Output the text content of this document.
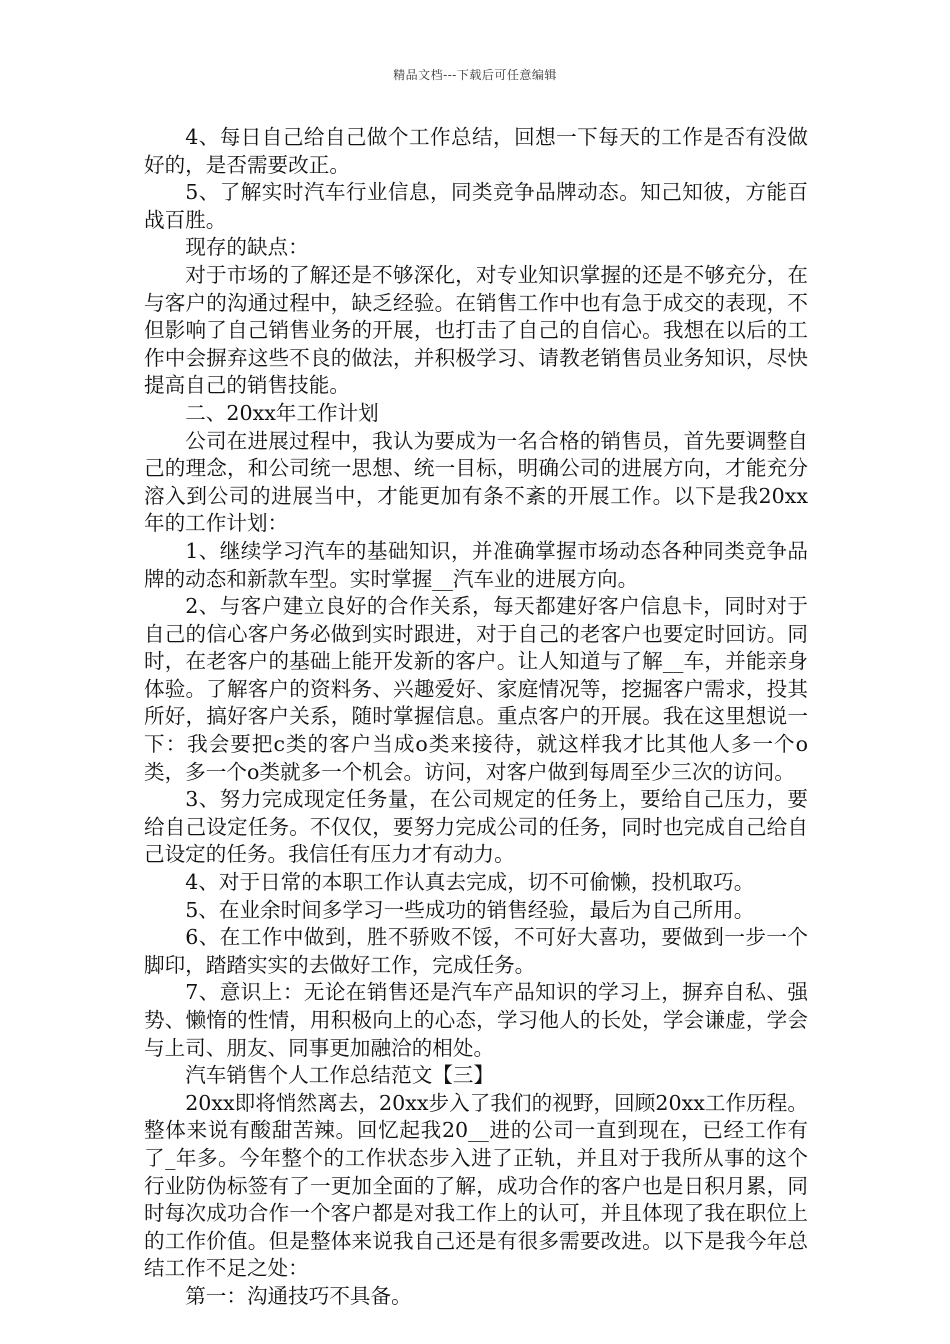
精品文档---下载后可任意编辑

4、每日自己给自己做个工作总结，回想一下每天的工作是否有没做好的，是否需要改正。

5、了解实时汽车行业信息，同类竞争品牌动态。知己知彼，方能百战百胜。

现存的缺点：

对于市场的了解还是不够深化，对专业知识掌握的还是不够充分，在与客户的沟通过程中，缺乏经验。在销售工作中也有急于成交的表现，不但影响了自己销售业务的开展，也打击了自己的自信心。我想在以后的工作中会摒弃这些不良的做法，并积极学习、请教老销售员业务知识，尽快提高自己的销售技能。

二、20xx年工作计划

公司在进展过程中，我认为要成为一名合格的销售员，首先要调整自己的理念，和公司统一思想、统一目标，明确公司的进展方向，才能充分溶入到公司的进展当中，才能更加有条不紊的开展工作。以下是我20xx年的工作计划：

1、继续学习汽车的基础知识，并准确掌握市场动态各种同类竞争品牌的动态和新款车型。实时掌握__汽车业的进展方向。

2、与客户建立良好的合作关系，每天都建好客户信息卡，同时对于自己的信心客户务必做到实时跟进，对于自己的老客户也要定时回访。同时，在老客户的基础上能开发新的客户。让人知道与了解__车，并能亲身体验。了解客户的资料务、兴趣爱好、家庭情况等，挖掘客户需求，投其所好，搞好客户关系，随时掌握信息。重点客户的开展。我在这里想说一下：我会要把c类的客户当成o类来接待，就这样我才比其他人多一个o类，多一个o类就多一个机会。访问，对客户做到每周至少三次的访问。

3、努力完成现定任务量，在公司规定的任务上，要给自己压力，要给自己设定任务。不仅仅，要努力完成公司的任务，同时也完成自己给自己设定的任务。我信任有压力才有动力。

4、对于日常的本职工作认真去完成，切不可偷懒，投机取巧。

5、在业余时间多学习一些成功的销售经验，最后为自己所用。

6、在工作中做到，胜不骄败不馁，不可好大喜功，要做到一步一个脚印，踏踏实实的去做好工作，完成任务。

7、意识上：无论在销售还是汽车产品知识的学习上，摒弃自私、强势、懒惰的性情，用积极向上的心态，学习他人的长处，学会谦虚，学会与上司、朋友、同事更加融洽的相处。

汽车销售个人工作总结范文【三】

20xx即将悄然离去，20xx步入了我们的视野，回顾20xx工作历程。整体来说有酸甜苦辣。回忆起我20__进的公司一直到现在，已经工作有了_年多。今年整个的工作状态步入进了正轨，并且对于我所从事的这个行业防伪标签有了一更加全面的了解，成功合作的客户也是日积月累，同时每次成功合作一个客户都是对我工作上的认可，并且体现了我在职位上的工作价值。但是整体来说我自己还是有很多需要改进。以下是我今年总结工作不足之处：

第一：沟通技巧不具备。
